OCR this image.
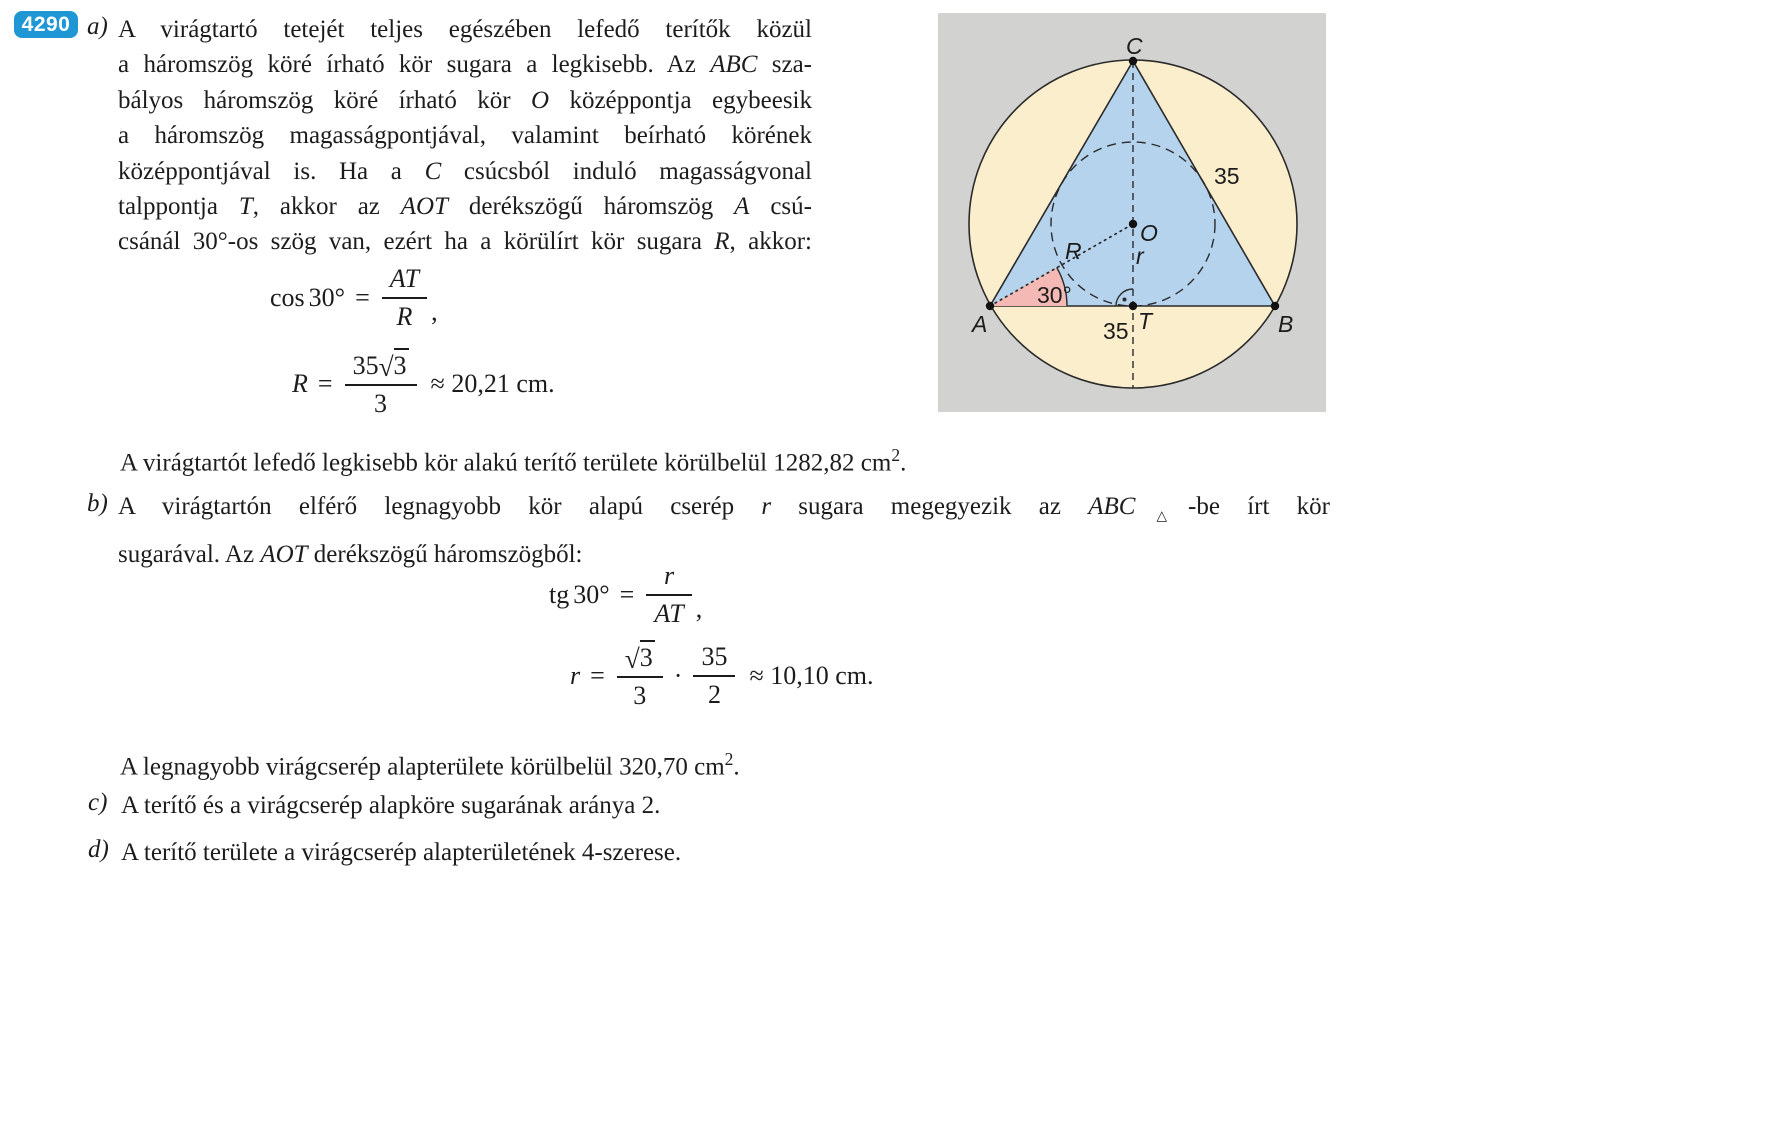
4290 a) A virágtartó tetejét teljes egészében lefedő terítők közül
a háromszög köré írható kör sugara a legkisebb. Az ABC sza-
bályos háromszög köré írható kör O középpontja egybeesik
a háromszög magasságpontjával, valamint beírható körének
középpontjával is. Ha a C csúcsból induló magasságvonal
talppontja T, akkor az AOT derékszögű háromszög A csú-
csánál 30°-os szög van, ezért ha a körülírt kör sugara R, akkor:
$\cos 30^\circ = \frac{AT}{R}$ ,
$R = \frac{35 √ 3}{3} \approx 20,21$ cm.
A virágtartót lefedő legkisebb kör alakú terítő területe körülbelül 1282,82 $cm^2$.
b) A virágtartón elférő legnagyobb kör alapú cserép r sugara megegyezik az $ABC_\triangle-be$ írt kör
sugarával. Az AOT derékszögű háromszögből:
tg $30^\circ = \frac{r}{AT}$ ,
$r = \frac{√ 3}{3} \cdot \frac{35}{2} \approx 10,10$ cm.
A legnagyobb virágcserép alapterülete körülbelül 320,70 $cm^2$.
c) A terítő és a virágcserép alapköre sugarának aránya 2.
d) A terítő területe a virágcserép alapterületének 4-szerese.
C
A	B
T
O
r
R
30°
35
35
